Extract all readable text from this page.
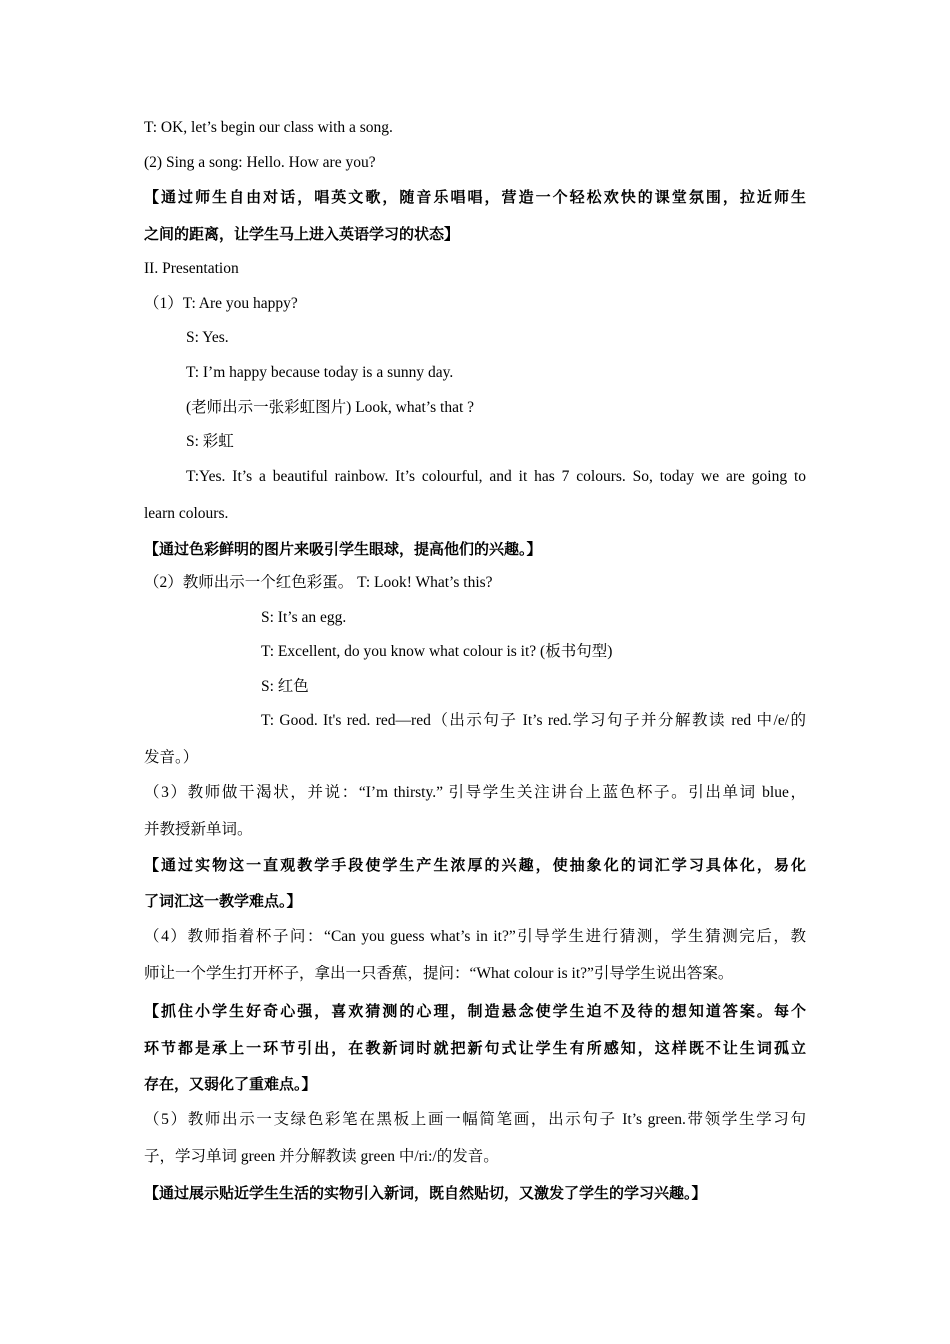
T: OK, let’s begin our class with a song.
(2) Sing a song: Hello. How are you?
【通过师生自由对话，唱英文歌，随音乐唱唱，营造一个轻松欢快的课堂氛围，拉近师生
之间的距离，让学生马上进入英语学习的状态】
II. Presentation
（1）T: Are you happy?
S: Yes.
T: I’m happy because today is a sunny day.
(老师出示一张彩虹图片) Look, what’s that ?
S: 彩虹
T:Yes. It’s a beautiful rainbow. It’s colourful, and it has 7 colours. So, today we are going to
learn colours.
【通过色彩鲜明的图片来吸引学生眼球，提高他们的兴趣。】
（2）教师出示一个红色彩蛋。 T: Look! What’s this?
S: It’s an egg.
T: Excellent, do you know what colour is it? (板书句型)
S: 红色
T: Good. It's red. red—red（出示句子 It’s red.学习句子并分解教读 red 中/e/的
发音。）
（3）教师做干渴状，并说：“I’m thirsty.” 引导学生关注讲台上蓝色杯子。引出单词 blue，
并教授新单词。
【通过实物这一直观教学手段使学生产生浓厚的兴趣，使抽象化的词汇学习具体化，易化
了词汇这一教学难点。】
（4）教师指着杯子问：“Can you guess what’s in it?”引导学生进行猜测，学生猜测完后，教
师让一个学生打开杯子，拿出一只香蕉，提问：“What colour is it?”引导学生说出答案。
【抓住小学生好奇心强，喜欢猜测的心理，制造悬念使学生迫不及待的想知道答案。每个
环节都是承上一环节引出，在教新词时就把新句式让学生有所感知，这样既不让生词孤立
存在，又弱化了重难点。】
（5）教师出示一支绿色彩笔在黑板上画一幅简笔画，出示句子 It’s green.带领学生学习句
子，学习单词 green 并分解教读 green 中/ri:/的发音。
【通过展示贴近学生生活的实物引入新词，既自然贴切，又激发了学生的学习兴趣。】
